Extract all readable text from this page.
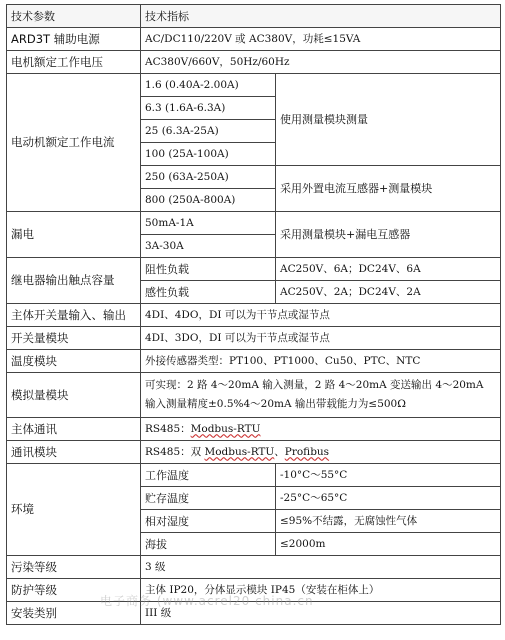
技术参数	技术指标	
ARD3T 辅助电源	AC/DC110/220V 或 AC380V，功耗≤15VA	
电机额定工作电压	AC380V/660V，50Hz/60Hz	
电动机额定工作电流	1.6 (0.40A-2.00A)	使用测量模块测量
	6.3 (1.6A-6.3A)	
	25 (6.3A-25A)	
	100 (25A-100A)	
	250 (63A-250A)	采用外置电流互感器+测量模块
	800 (250A-800A)	
漏电	50mA-1A	采用测量模块+漏电互感器
	3A-30A	
继电器输出触点容量	阻性负载	AC250V、6A；DC24V、6A
	感性负载	AC250V、2A；DC24V、2A
主体开关量输入、输出	4DI、4DO，DI 可以为干节点或湿节点	
开关量模块	4DI、3DO，DI 可以为干节点或湿节点	
温度模块	外接传感器类型：PT100、PT1000、Cu50、PTC、NTC	
模拟量模块	可实现：2 路 4～20mA 输入测量，2 路 4～20mA 变送输出 4～20mA
输入测量精度±0.5%4～20mA 输出带载能力为≤500Ω	
主体通讯	RS485：Modbus-RTU	
通讯模块	RS485：双 Modbus-RTU、Profibus	
环境	工作温度	-10°C～55°C
	贮存温度	-25°C～65°C
	相对湿度	≤95%不结露，无腐蚀性气体
	海拔	≤2000m
污染等级	3 级	
防护等级	主体 IP20，分体显示模块 IP45（安装在柜体上）	
安装类别	III 级	
电子商务 (www.acrel20 china.cn
